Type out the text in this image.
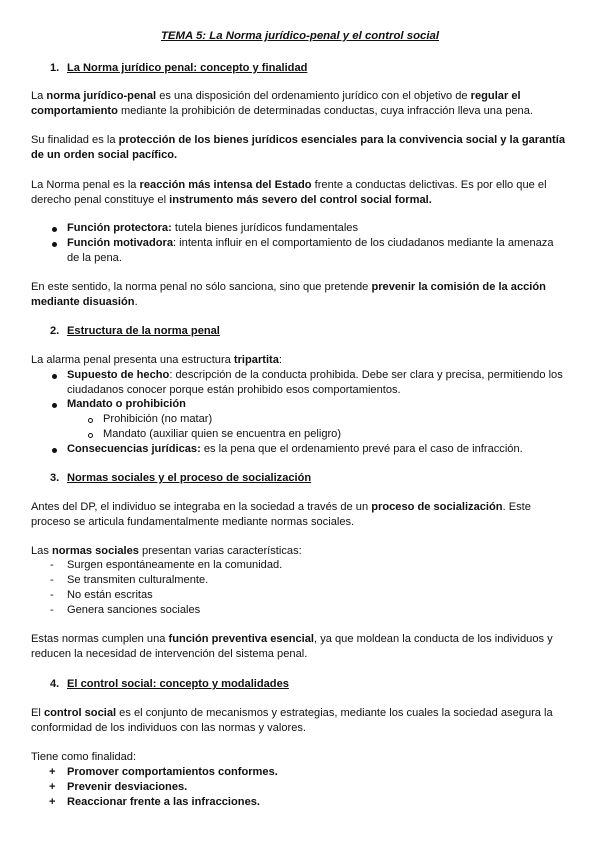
TEMA 5: La Norma jurídico-penal y el control social
1. La Norma jurídico penal: concepto y finalidad
La norma jurídico-penal es una disposición del ordenamiento jurídico con el objetivo de regular el
comportamiento mediante la prohibición de determinadas conductas, cuya infracción lleva una pena.
Su finalidad es la protección de los bienes jurídicos esenciales para la convivencia social y la garantía
de un orden social pacífico.
La Norma penal es la reacción más intensa del Estado frente a conductas delictivas. Es por ello que el
derecho penal constituye el instrumento más severo del control social formal.
Función protectora: tutela bienes jurídicos fundamentales
Función motivadora: intenta influir en el comportamiento de los ciudadanos mediante la amenaza
de la pena.
En este sentido, la norma penal no sólo sanciona, sino que pretende prevenir la comisión de la acción
mediante disuasión.
2. Estructura de la norma penal
La alarma penal presenta una estructura tripartita:
Supuesto de hecho: descripción de la conducta prohibida. Debe ser clara y precisa, permitiendo los
ciudadanos conocer porque están prohibido esos comportamientos.
Mandato o prohibición
Prohibición (no matar)
Mandato (auxiliar quien se encuentra en peligro)
Consecuencias jurídicas: es la pena que el ordenamiento prevé para el caso de infracción.
3. Normas sociales y el proceso de socialización
Antes del DP, el individuo se integraba en la sociedad a través de un proceso de socialización. Este
proceso se articula fundamentalmente mediante normas sociales.
Las normas sociales presentan varias características:
- Surgen espontáneamente en la comunidad.
- Se transmiten culturalmente.
- No están escritas
- Genera sanciones sociales
Estas normas cumplen una función preventiva esencial, ya que moldean la conducta de los individuos y
reducen la necesidad de intervención del sistema penal.
4. El control social: concepto y modalidades
El control social es el conjunto de mecanismos y estrategias, mediante los cuales la sociedad asegura la
conformidad de los individuos con las normas y valores.
Tiene como finalidad:
+ Promover comportamientos conformes.
+ Prevenir desviaciones.
+ Reaccionar frente a las infracciones.
